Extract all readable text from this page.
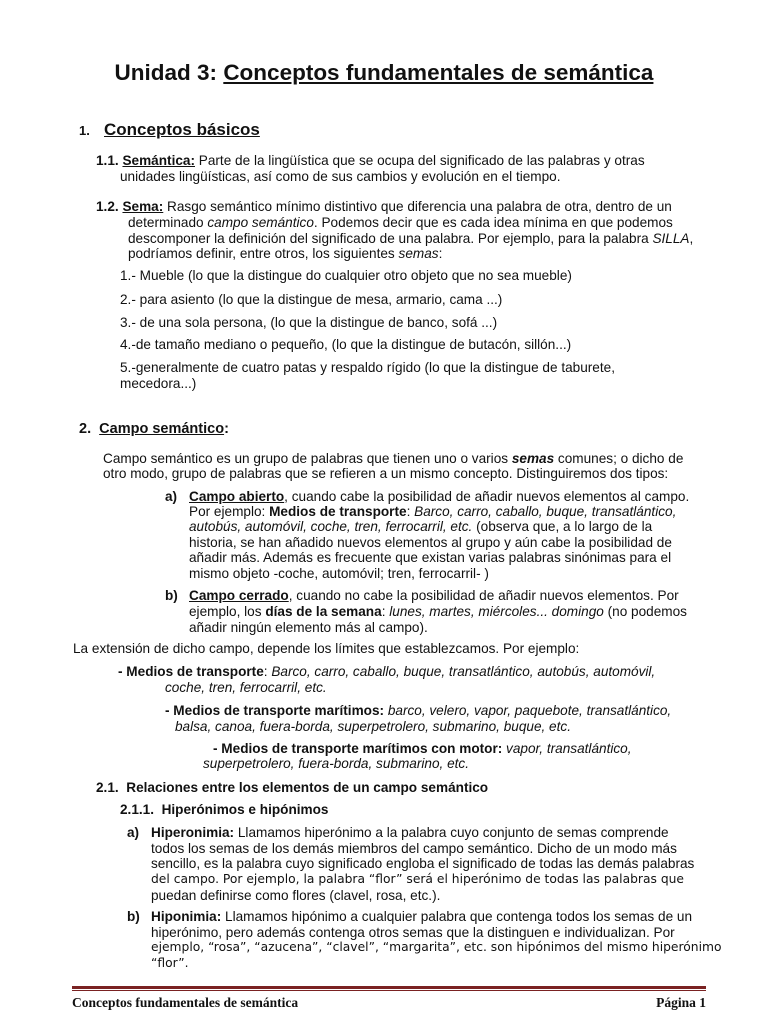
Unidad 3: Conceptos fundamentales de semántica
1. Conceptos básicos
1.1. Semántica: Parte de la lingüística que se ocupa del significado de las palabras y otras
unidades lingüísticas, así como de sus cambios y evolución en el tiempo.
1.2. Sema: Rasgo semántico mínimo distintivo que diferencia una palabra de otra, dentro de un
determinado campo semántico. Podemos decir que es cada idea mínima en que podemos
descomponer la definición del significado de una palabra. Por ejemplo, para la palabra SILLA,
podríamos definir, entre otros, los siguientes semas:
1.- Mueble (lo que la distingue do cualquier otro objeto que no sea mueble)
2.- para asiento (lo que la distingue de mesa, armario, cama ...)
3.- de una sola persona, (lo que la distingue de banco, sofá ...)
4.-de tamaño mediano o pequeño, (lo que la distingue de butacón, sillón...)
5.-generalmente de cuatro patas y respaldo rígido (lo que la distingue de taburete,
mecedora...)
2. Campo semántico:
Campo semántico es un grupo de palabras que tienen uno o varios semas comunes; o dicho de
otro modo, grupo de palabras que se refieren a un mismo concepto. Distinguiremos dos tipos:
a) Campo abierto, cuando cabe la posibilidad de añadir nuevos elementos al campo.
Por ejemplo: Medios de transporte: Barco, carro, caballo, buque, transatlántico,
autobús, automóvil, coche, tren, ferrocarril, etc. (observa que, a lo largo de la
historia, se han añadido nuevos elementos al grupo y aún cabe la posibilidad de
añadir más. Además es frecuente que existan varias palabras sinónimas para el
mismo objeto -coche, automóvil; tren, ferrocarril- )
b) Campo cerrado, cuando no cabe la posibilidad de añadir nuevos elementos. Por
ejemplo, los días de la semana: lunes, martes, miércoles... domingo (no podemos
añadir ningún elemento más al campo).
La extensión de dicho campo, depende los límites que establezcamos. Por ejemplo:
- Medios de transporte: Barco, carro, caballo, buque, transatlántico, autobús, automóvil,
coche, tren, ferrocarril, etc.
- Medios de transporte marítimos: barco, velero, vapor, paquebote, transatlántico,
balsa, canoa, fuera-borda, superpetrolero, submarino, buque, etc.
- Medios de transporte marítimos con motor: vapor, transatlántico,
superpetrolero, fuera-borda, submarino, etc.
2.1. Relaciones entre los elementos de un campo semántico
2.1.1. Hiperónimos e hipónimos
a) Hiperonimia: Llamamos hiperónimo a la palabra cuyo conjunto de semas comprende
todos los semas de los demás miembros del campo semántico. Dicho de un modo más
sencillo, es la palabra cuyo significado engloba el significado de todas las demás palabras
del campo. Por ejemplo, la palabra “flor” será el hiperónimo de todas las palabras que
puedan definirse como flores (clavel, rosa, etc.).
b) Hiponimia: Llamamos hipónimo a cualquier palabra que contenga todos los semas de un
hiperónimo, pero además contenga otros semas que la distinguen e individualizan. Por
ejemplo, “rosa”, “azucena”, “clavel”, “margarita”, etc. son hipónimos del mismo hiperónimo
“flor”.
Conceptos fundamentales de semántica	Página 1
